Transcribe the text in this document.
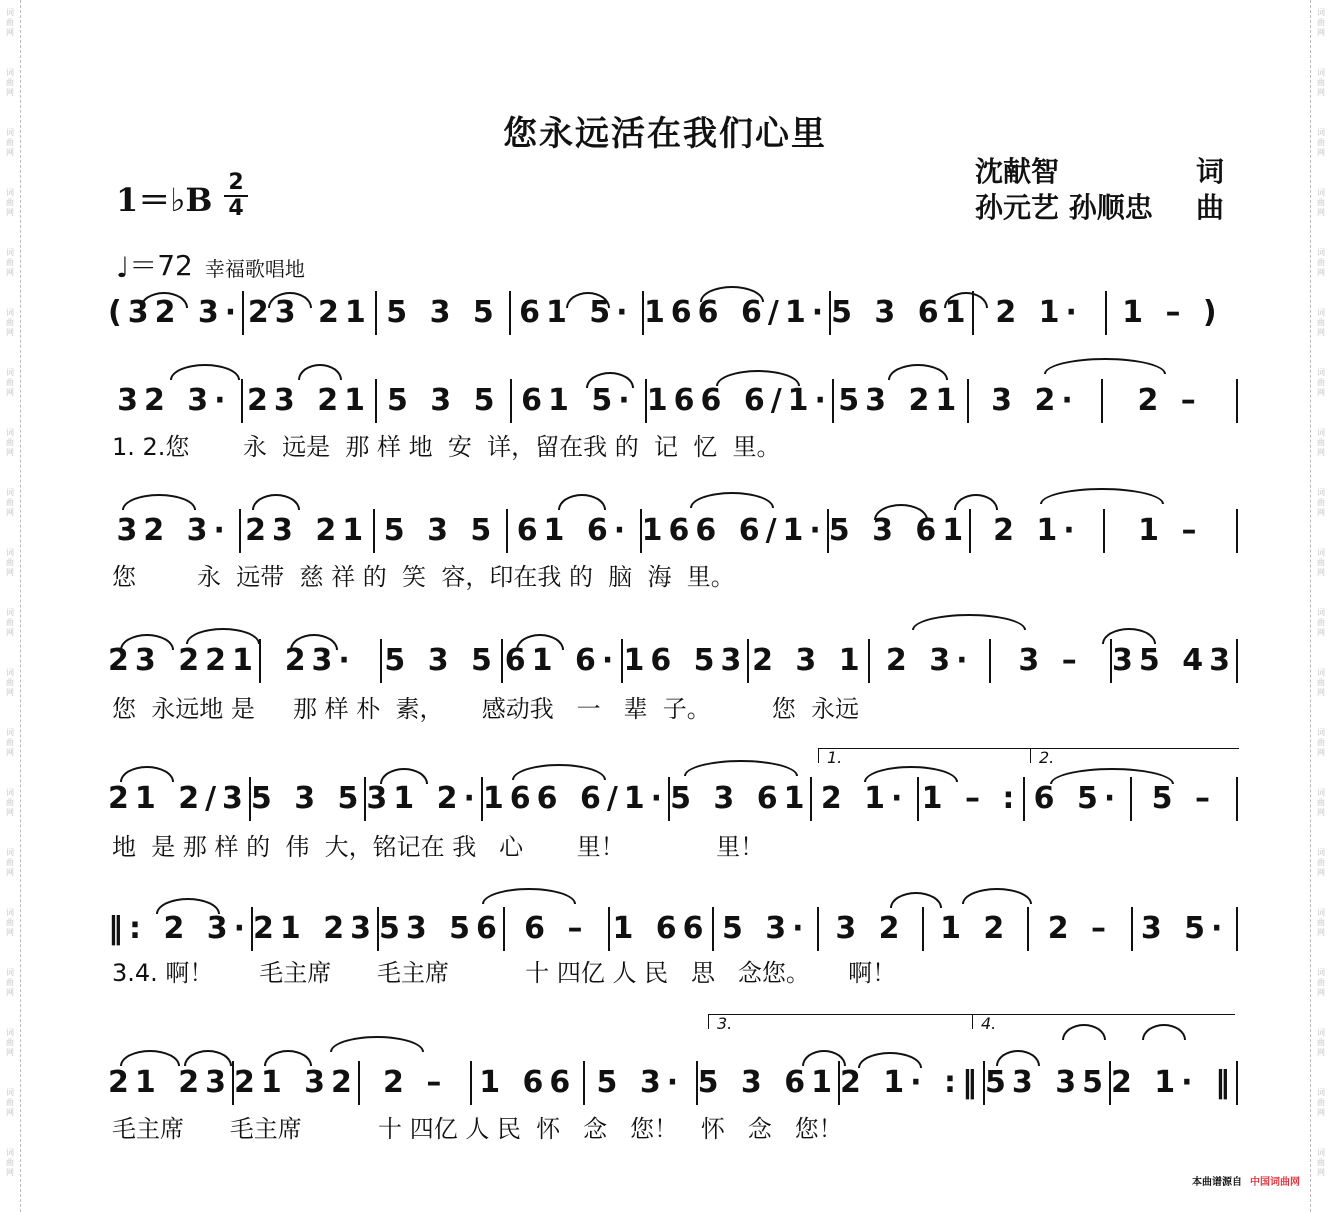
词曲网
词曲网
词曲网
词曲网
词曲网
词曲网
词曲网
词曲网
词曲网
词曲网
词曲网
词曲网
词曲网
词曲网
词曲网
词曲网
词曲网
词曲网
词曲网
词曲网
词曲网
词曲网
词曲网
词曲网
词曲网
词曲网
词曲网
词曲网
词曲网
词曲网
词曲网
词曲网
词曲网
词曲网
词曲网
词曲网
词曲网
词曲网
词曲网
词曲网
您永远活在我们心里
沈献智	词
孙元艺 孙顺忠 曲
1＝♭B 2
4
♩＝72 幸福歌唱地
(32 3· 23 21 5 3 5 61 5· 166 6/1· 5 3 61 2 1·	1 – )
32 3· 23 21 5 3 5 61 5· 166 6/1· 53 21 3 2·	2 –
1. 2.您       永  远是  那 样 地  安  详，留在我 的  记  忆  里。
32 3· 23 21 5 3 5 61 6· 166 6/1· 5 3 61 2 1·	1 –
您        永  远带  慈 祥 的  笑  容，印在我 的  脑  海  里。
23 221 23· 5 3 5 61 6· 16 53 2 3 1 2 3·	3 – 35 43
您  永远地 是     那 样 朴  素，     感动我   一   辈  子。        您  永远
21 2/3 5 3 5 31 2· 166 6/1· 5 3 61 2 1· 1 – : 6 5·	5 –
地  是 那 样 的  伟  大，铭记在 我   心       里！            里！
‖: 2 3· 21 23 53 56 6 – 1 66 5 3· 3 2	1 2	2 – 3 5·
3.4. 啊！      毛主席      毛主席          十 四亿 人 民   思   念您。     啊！
21 23 21 32 2 –	1 66 5 3· 5 3 61 2 1· :‖ 53 35 2 1· ‖
毛主席      毛主席          十 四亿 人 民  怀   念   您！   怀   念   您！
1.	2.
3.	4.
本曲谱源自 中国词曲网
